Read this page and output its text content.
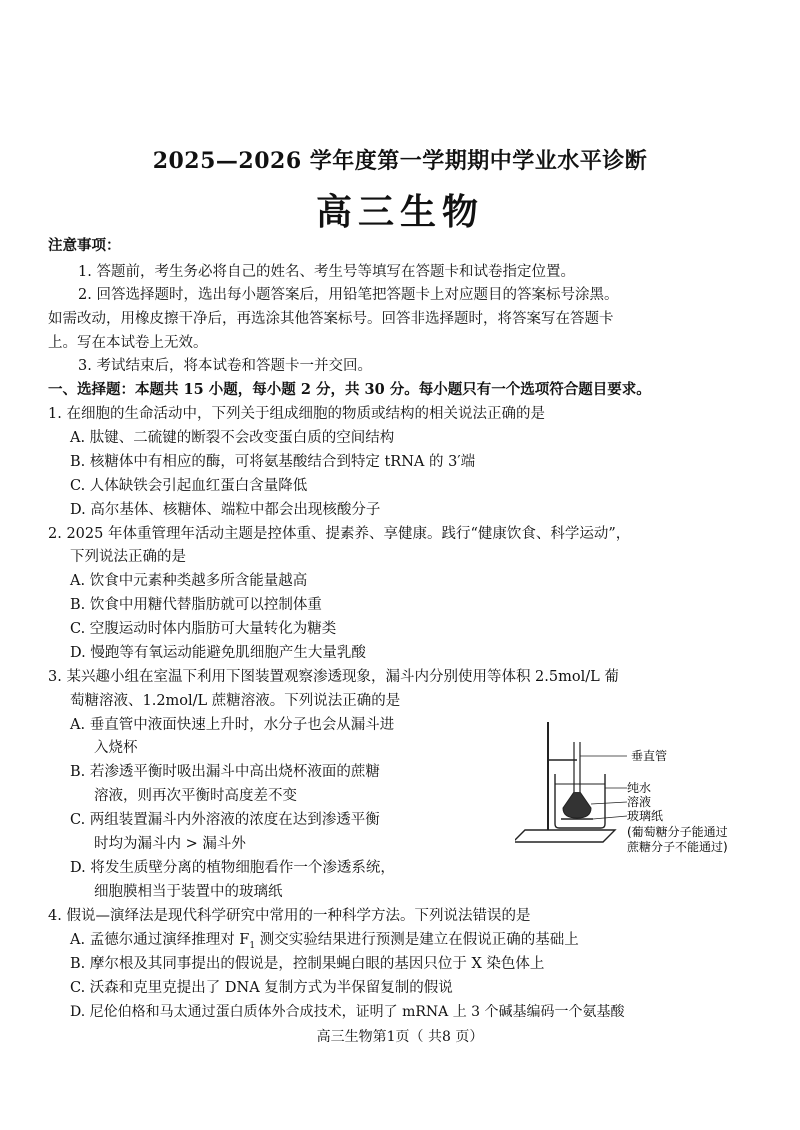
2025—2026 学年度第一学期期中学业水平诊断
高三生物
注意事项：
1. 答题前，考生务必将自己的姓名、考生号等填写在答题卡和试卷指定位置。
2. 回答选择题时，选出每小题答案后，用铅笔把答题卡上对应题目的答案标号涂黑。
如需改动，用橡皮擦干净后，再选涂其他答案标号。回答非选择题时，将答案写在答题卡
上。写在本试卷上无效。
3. 考试结束后，将本试卷和答题卡一并交回。
一、选择题：本题共 15 小题，每小题 2 分，共 30 分。每小题只有一个选项符合题目要求。
1. 在细胞的生命活动中，下列关于组成细胞的物质或结构的相关说法正确的是
A. 肽键、二硫键的断裂不会改变蛋白质的空间结构
B. 核糖体中有相应的酶，可将氨基酸结合到特定 tRNA 的 3′端
C. 人体缺铁会引起血红蛋白含量降低
D. 高尔基体、核糖体、端粒中都会出现核酸分子
2. 2025 年体重管理年活动主题是控体重、提素养、享健康。践行“健康饮食、科学运动”，
下列说法正确的是
A. 饮食中元素种类越多所含能量越高
B. 饮食中用糖代替脂肪就可以控制体重
C. 空腹运动时体内脂肪可大量转化为糖类
D. 慢跑等有氧运动能避免肌细胞产生大量乳酸
3. 某兴趣小组在室温下利用下图装置观察渗透现象，漏斗内分别使用等体积 2.5mol/L 葡
萄糖溶液、1.2mol/L 蔗糖溶液。下列说法正确的是
A. 垂直管中液面快速上升时，水分子也会从漏斗进
入烧杯
B. 若渗透平衡时吸出漏斗中高出烧杯液面的蔗糖
溶液，则再次平衡时高度差不变
C. 两组装置漏斗内外溶液的浓度在达到渗透平衡
时均为漏斗内 > 漏斗外
D. 将发生质壁分离的植物细胞看作一个渗透系统，
细胞膜相当于装置中的玻璃纸
垂直管
纯水
溶液
玻璃纸
(葡萄糖分子能通过
蔗糖分子不能通过)
4. 假说—演绎法是现代科学研究中常用的一种科学方法。下列说法错误的是
A. 孟德尔通过演绎推理对 $F_1$ 测交实验结果进行预测是建立在假说正确的基础上
B. 摩尔根及其同事提出的假说是，控制果蝇白眼的基因只位于 X 染色体上
C. 沃森和克里克提出了 DNA 复制方式为半保留复制的假说
D. 尼伦伯格和马太通过蛋白质体外合成技术，证明了 mRNA 上 3 个碱基编码一个氨基酸
高三生物第1页（ 共8 页）
